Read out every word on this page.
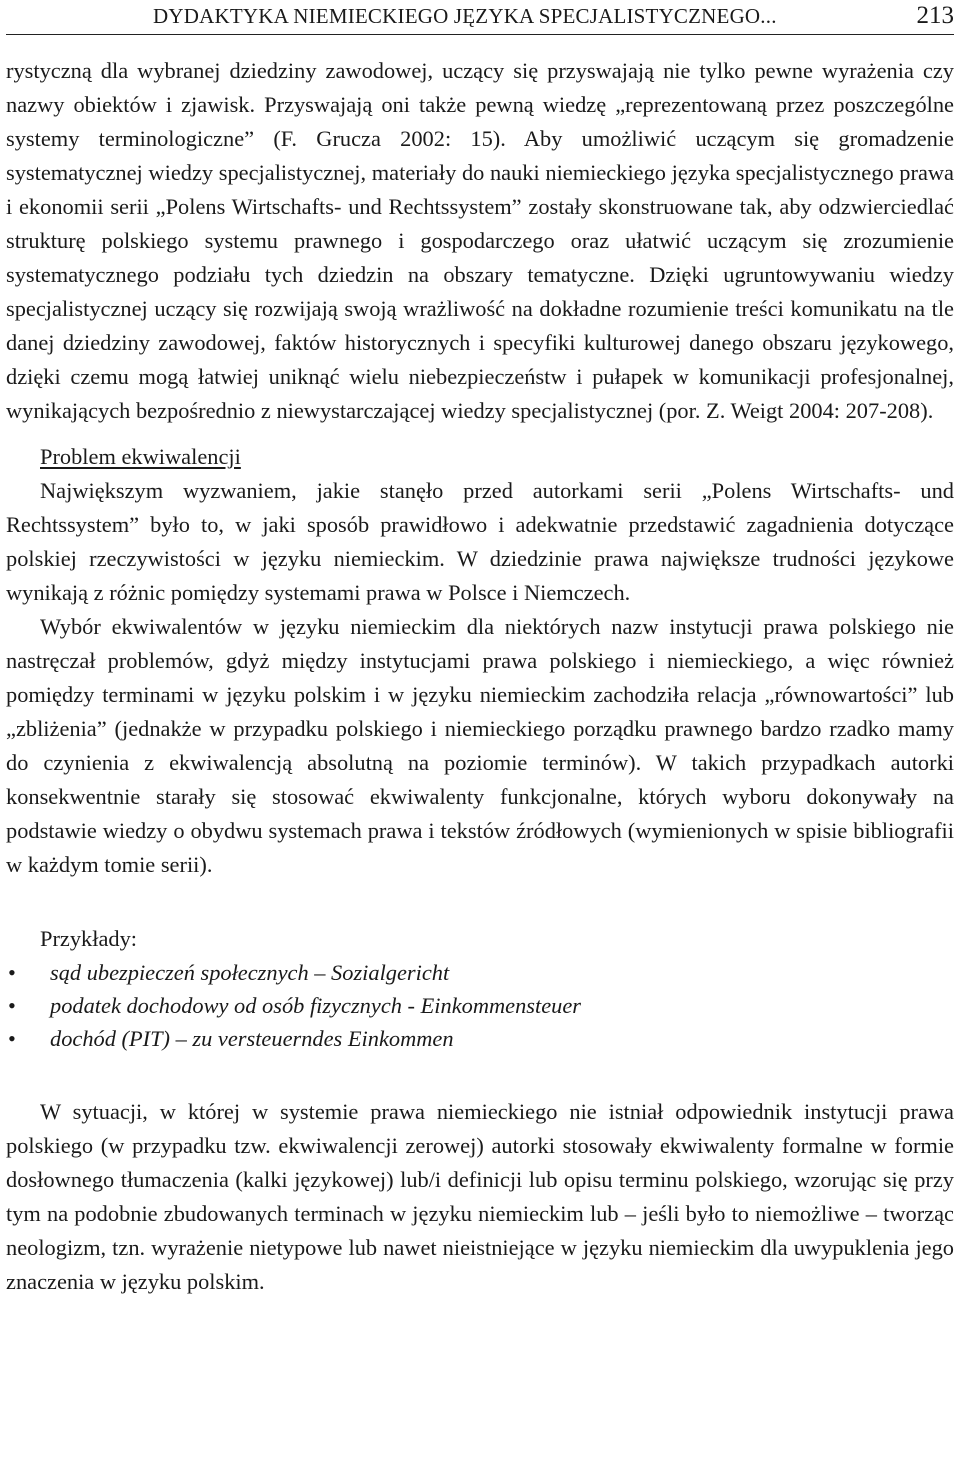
DYDAKTYKA NIEMIECKIEGO JĘZYKA SPECJALISTYCZNEGO...	213

rystyczną dla wybranej dziedziny zawodowej, uczący się przyswajają nie tylko pewne wyrażenia czy nazwy obiektów i zjawisk. Przyswajają oni także pewną wiedzę „reprezentowaną przez poszczególne systemy terminologiczne” (F. Grucza 2002: 15). Aby umożliwić uczącym się gromadzenie systematycznej wiedzy specjalistycznej, materiały do nauki niemieckiego języka specjalistycznego prawa i ekonomii serii „Polens Wirtschafts- und Rechtssystem” zostały skonstruowane tak, aby odzwierciedlać strukturę polskiego systemu prawnego i gospodarczego oraz ułatwić uczącym się zrozumienie systematycznego podziału tych dziedzin na obszary tematyczne. Dzięki ugruntowywaniu wiedzy specjalistycznej uczący się rozwijają swoją wrażliwość na dokładne rozumienie treści komunikatu na tle danej dziedziny zawodowej, faktów historycznych i specyfiki kulturowej danego obszaru językowego, dzięki czemu mogą łatwiej uniknąć wielu niebezpieczeństw i pułapek w komunikacji profesjonalnej, wynikających bezpośrednio z niewystarczającej wiedzy specjalistycznej (por. Z. Weigt 2004: 207-208).

Problem ekwiwalencji

Największym wyzwaniem, jakie stanęło przed autorkami serii „Polens Wirtschafts- und Rechtssystem” było to, w jaki sposób prawidłowo i adekwatnie przedstawić zagadnienia dotyczące polskiej rzeczywistości w języku niemieckim. W dziedzinie prawa największe trudności językowe wynikają z różnic pomiędzy systemami prawa w Polsce i Niemczech.

Wybór ekwiwalentów w języku niemieckim dla niektórych nazw instytucji prawa polskiego nie nastręczał problemów, gdyż między instytucjami prawa polskiego i niemieckiego, a więc również pomiędzy terminami w języku polskim i w języku niemieckim zachodziła relacja „równowartości” lub „zbliżenia” (jednakże w przypadku polskiego i niemieckiego porządku prawnego bardzo rzadko mamy do czynienia z ekwiwalencją absolutną na poziomie terminów). W takich przypadkach autorki konsekwentnie starały się stosować ekwiwalenty funkcjonalne, których wyboru dokonywały na podstawie wiedzy o obydwu systemach prawa i tekstów źródłowych (wymienionych w spisie bibliografii w każdym tomie serii).

Przykłady:
• sąd ubezpieczeń społecznych – Sozialgericht
• podatek dochodowy od osób fizycznych - Einkommensteuer
• dochód (PIT) – zu versteuerndes Einkommen

W sytuacji, w której w systemie prawa niemieckiego nie istniał odpowiednik instytucji prawa polskiego (w przypadku tzw. ekwiwalencji zerowej) autorki stosowały ekwiwalenty formalne w formie dosłownego tłumaczenia (kalki językowej) lub/i definicji lub opisu terminu polskiego, wzorując się przy tym na podobnie zbudowanych terminach w języku niemieckim lub – jeśli było to niemożliwe – tworząc neologizm, tzn. wyrażenie nietypowe lub nawet nieistniejące w języku niemieckim dla uwypuklenia jego znaczenia w języku polskim.
